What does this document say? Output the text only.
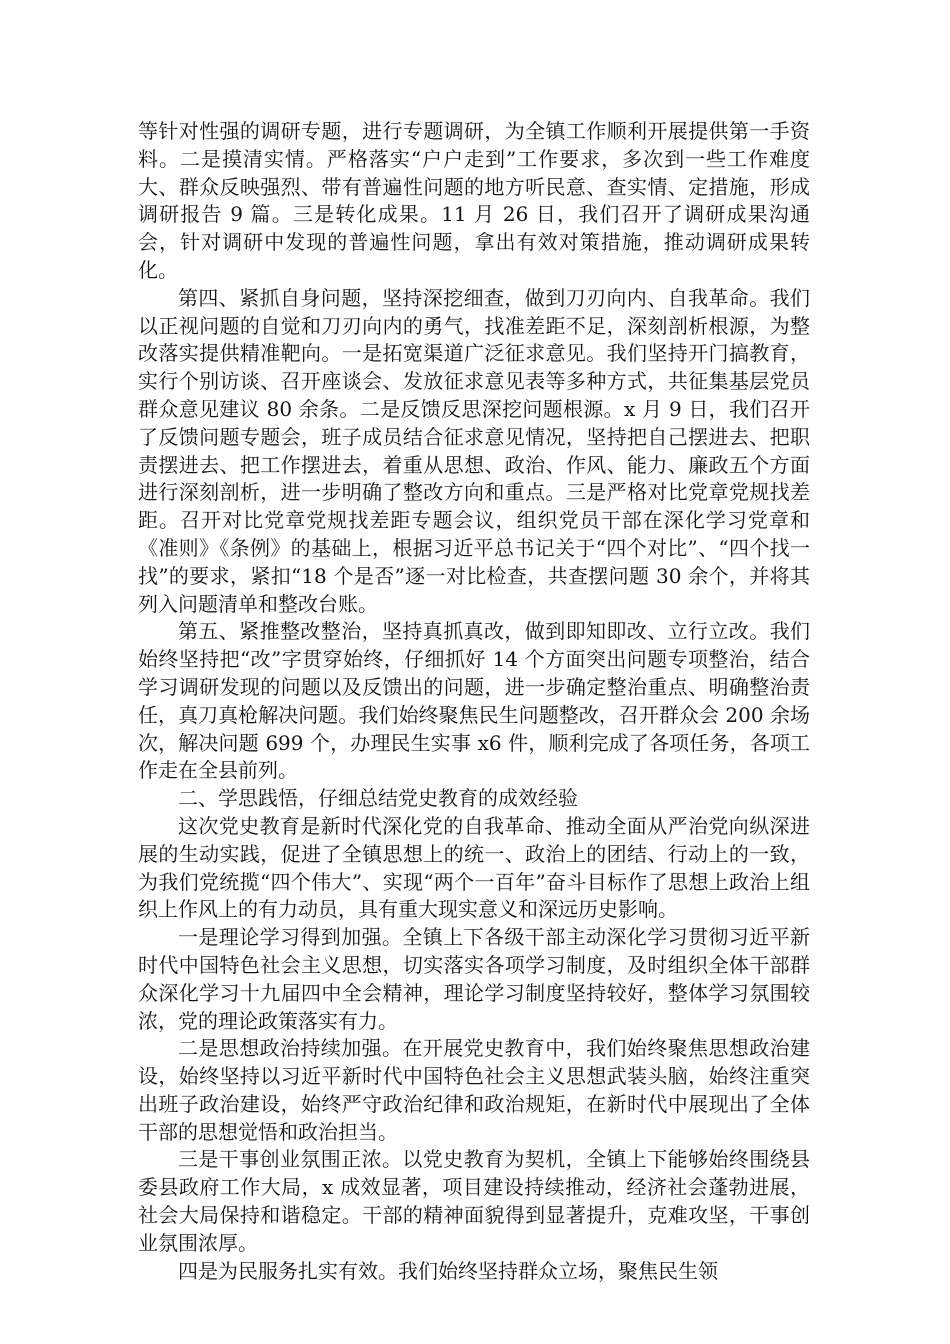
等针对性强的调研专题，进行专题调研，为全镇工作顺利开展提供第一手资料。二是摸清实情。严格落实“户户走到”工作要求，多次到一些工作难度大、群众反映强烈、带有普遍性问题的地方听民意、查实情、定措施，形成调研报告 9 篇。三是转化成果。11 月 26 日，我们召开了调研成果沟通会，针对调研中发现的普遍性问题，拿出有效对策措施，推动调研成果转化。

第四、紧抓自身问题，坚持深挖细查，做到刀刃向内、自我革命。我们以正视问题的自觉和刀刃向内的勇气，找准差距不足，深刻剖析根源，为整改落实提供精准靶向。一是拓宽渠道广泛征求意见。我们坚持开门搞教育，实行个别访谈、召开座谈会、发放征求意见表等多种方式，共征集基层党员群众意见建议 80 余条。二是反馈反思深挖问题根源。x 月 9 日，我们召开了反馈问题专题会，班子成员结合征求意见情况，坚持把自己摆进去、把职责摆进去、把工作摆进去，着重从思想、政治、作风、能力、廉政五个方面进行深刻剖析，进一步明确了整改方向和重点。三是严格对比党章党规找差距。召开对比党章党规找差距专题会议，组织党员干部在深化学习党章和《准则》《条例》的基础上，根据习近平总书记关于“四个对比”、“四个找一找”的要求，紧扣“18 个是否”逐一对比检查，共查摆问题 30 余个，并将其列入问题清单和整改台账。

第五、紧推整改整治，坚持真抓真改，做到即知即改、立行立改。我们始终坚持把“改”字贯穿始终，仔细抓好 14 个方面突出问题专项整治，结合学习调研发现的问题以及反馈出的问题，进一步确定整治重点、明确整治责任，真刀真枪解决问题。我们始终聚焦民生问题整改，召开群众会 200 余场次，解决问题 699 个，办理民生实事 x6 件，顺利完成了各项任务，各项工作走在全县前列。

二、学思践悟，仔细总结党史教育的成效经验

这次党史教育是新时代深化党的自我革命、推动全面从严治党向纵深进展的生动实践，促进了全镇思想上的统一、政治上的团结、行动上的一致，为我们党统揽“四个伟大”、实现“两个一百年”奋斗目标作了思想上政治上组织上作风上的有力动员，具有重大现实意义和深远历史影响。

一是理论学习得到加强。全镇上下各级干部主动深化学习贯彻习近平新时代中国特色社会主义思想，切实落实各项学习制度，及时组织全体干部群众深化学习十九届四中全会精神，理论学习制度坚持较好，整体学习氛围较浓，党的理论政策落实有力。

二是思想政治持续加强。在开展党史教育中，我们始终聚焦思想政治建设，始终坚持以习近平新时代中国特色社会主义思想武装头脑，始终注重突出班子政治建设，始终严守政治纪律和政治规矩，在新时代中展现出了全体干部的思想觉悟和政治担当。

三是干事创业氛围正浓。以党史教育为契机，全镇上下能够始终围绕县委县政府工作大局，x 成效显著，项目建设持续推动，经济社会蓬勃进展，社会大局保持和谐稳定。干部的精神面貌得到显著提升，克难攻坚，干事创业氛围浓厚。

四是为民服务扎实有效。我们始终坚持群众立场，聚焦民生领
